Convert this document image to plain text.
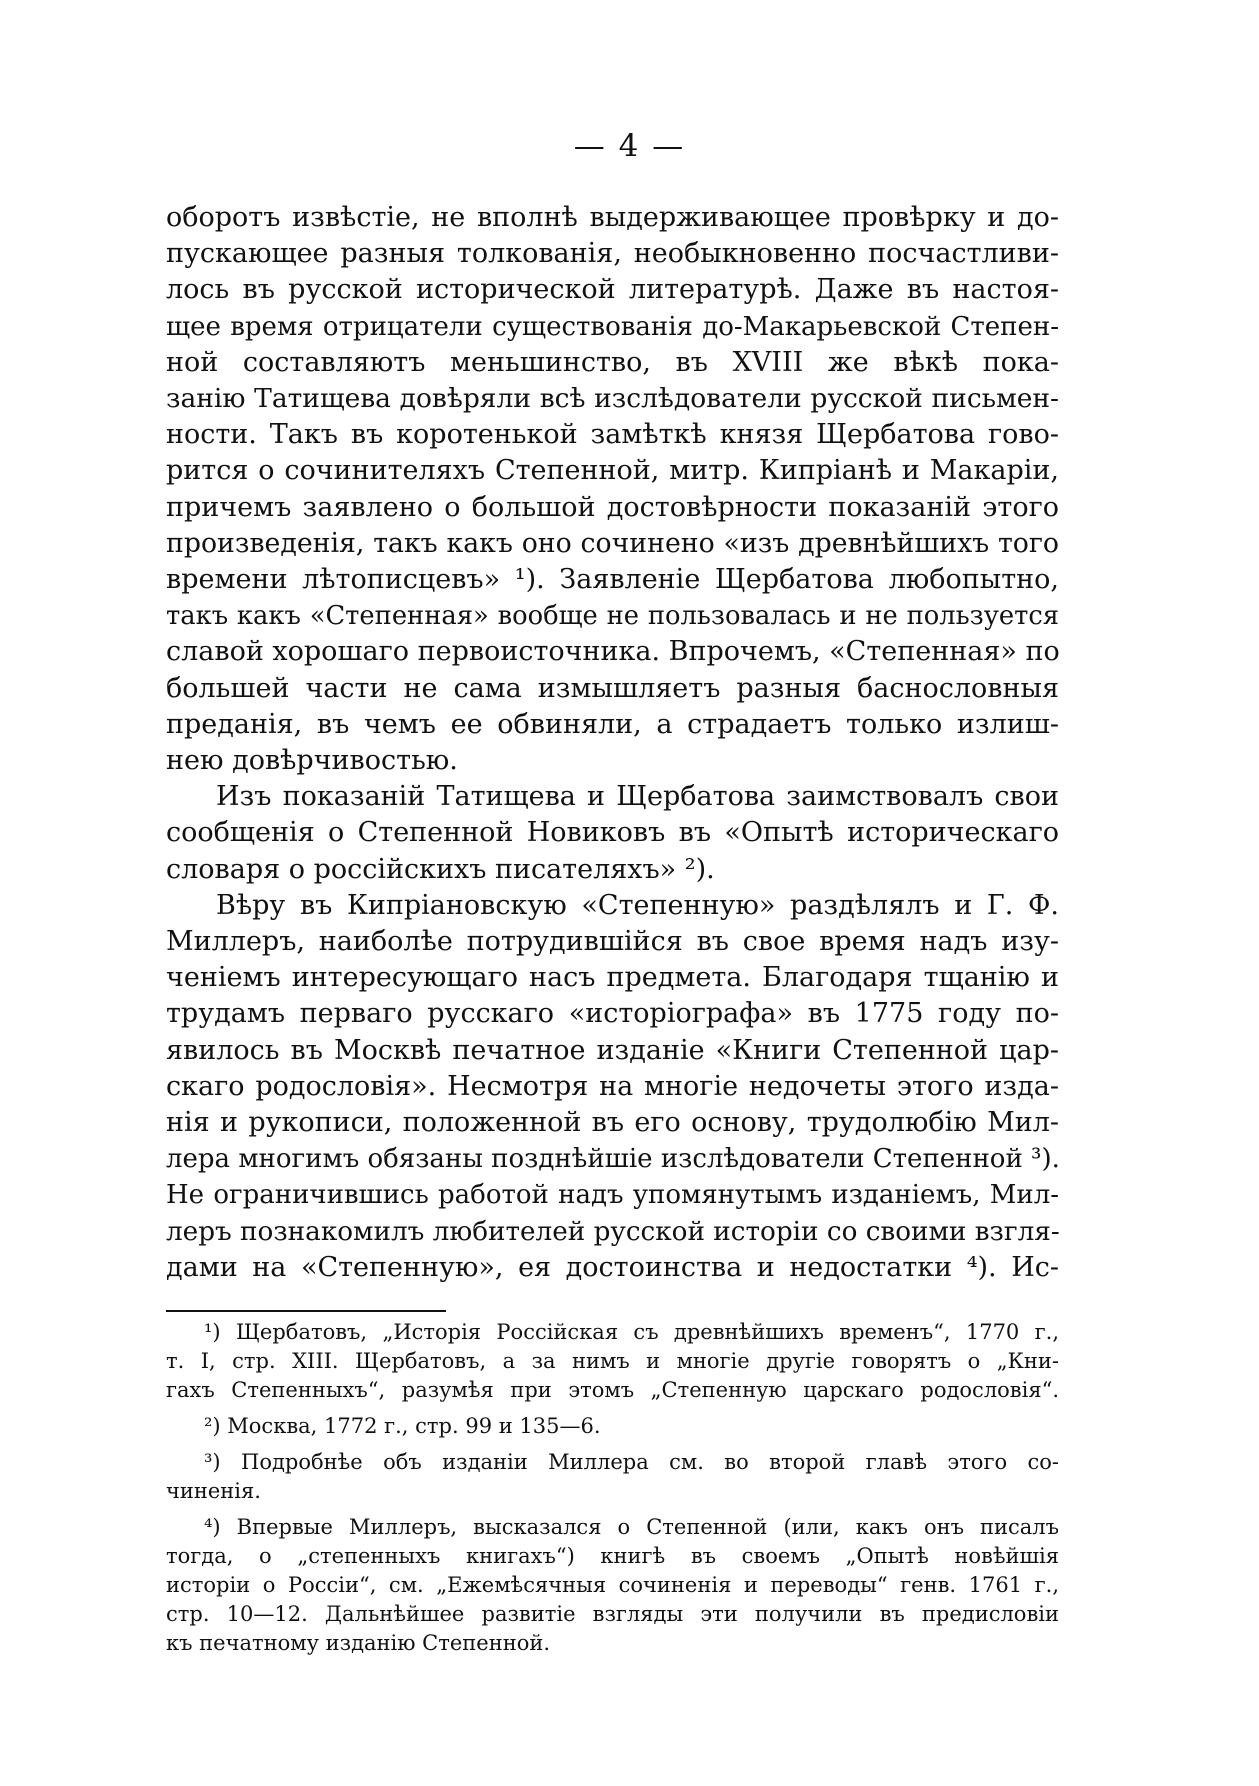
— 4 —
оборотъ извѣстіе, не вполнѣ выдерживающее провѣрку и до-
пускающее разныя толкованія, необыкновенно посчастливи-
лось въ русской исторической литературѣ. Даже въ настоя-
щее время отрицатели существованія до-Макарьевской Степен-
ной составляютъ меньшинство, въ XVIII же вѣкѣ пока-
занію Татищева довѣряли всѣ изслѣдователи русской письмен-
ности. Такъ въ коротенькой замѣткѣ князя Щербатова гово-
рится о сочинителяхъ Степенной, митр. Кипріанѣ и Макаріи,
причемъ заявлено о большой достовѣрности показаній этого
произведенія, такъ какъ оно сочинено «изъ древнѣйшихъ того
времени лѣтописцевъ» ¹). Заявленіе Щербатова любопытно,
такъ какъ «Степенная» вообще не пользовалась и не пользуется
славой хорошаго первоисточника. Впрочемъ, «Степенная» по
большей части не сама измышляетъ разныя баснословныя
преданія, въ чемъ ее обвиняли, а страдаетъ только излиш-
нею довѣрчивостью.
Изъ показаній Татищева и Щербатова заимствовалъ свои
сообщенія о Степенной Новиковъ въ «Опытѣ историческаго
словаря о россійскихъ писателяхъ» ²).
Вѣру въ Кипріановскую «Степенную» раздѣлялъ и Г. Ф.
Миллеръ, наиболѣе потрудившійся въ свое время надъ изу-
ченіемъ интересующаго насъ предмета. Благодаря тщанію и
трудамъ перваго русскаго «исторіографа» въ 1775 году по-
явилось въ Москвѣ печатное изданіе «Книги Степенной цар-
скаго родословія». Несмотря на многіе недочеты этого изда-
нія и рукописи, положенной въ его основу, трудолюбію Мил-
лера многимъ обязаны позднѣйшіе изслѣдователи Степенной ³).
Не ограничившись работой надъ упомянутымъ изданіемъ, Мил-
леръ познакомилъ любителей русской исторіи со своими взгля-
дами на «Степенную», ея достоинства и недостатки ⁴). Ис-
¹) Щербатовъ, „Исторія Россійская съ древнѣйшихъ временъ“, 1770 г.,
т. I, стр. XIII. Щербатовъ, а за нимъ и многіе другіе говорятъ о „Кни-
гахъ Степенныхъ“, разумѣя при этомъ „Степенную царскаго родословія“.
²) Москва, 1772 г., стр. 99 и 135—6.
³) Подробнѣе объ изданіи Миллера см. во второй главѣ этого со-
чиненія.
⁴) Впервые Миллеръ, высказался о Степенной (или, какъ онъ писалъ
тогда, о „степенныхъ книгахъ“) книгѣ въ своемъ „Опытѣ новѣйшія
исторіи о Россіи“, см. „Ежемѣсячныя сочиненія и переводы“ генв. 1761 г.,
стр. 10—12. Дальнѣйшее развитіе взгляды эти получили въ предисловіи
къ печатному изданію Степенной.
